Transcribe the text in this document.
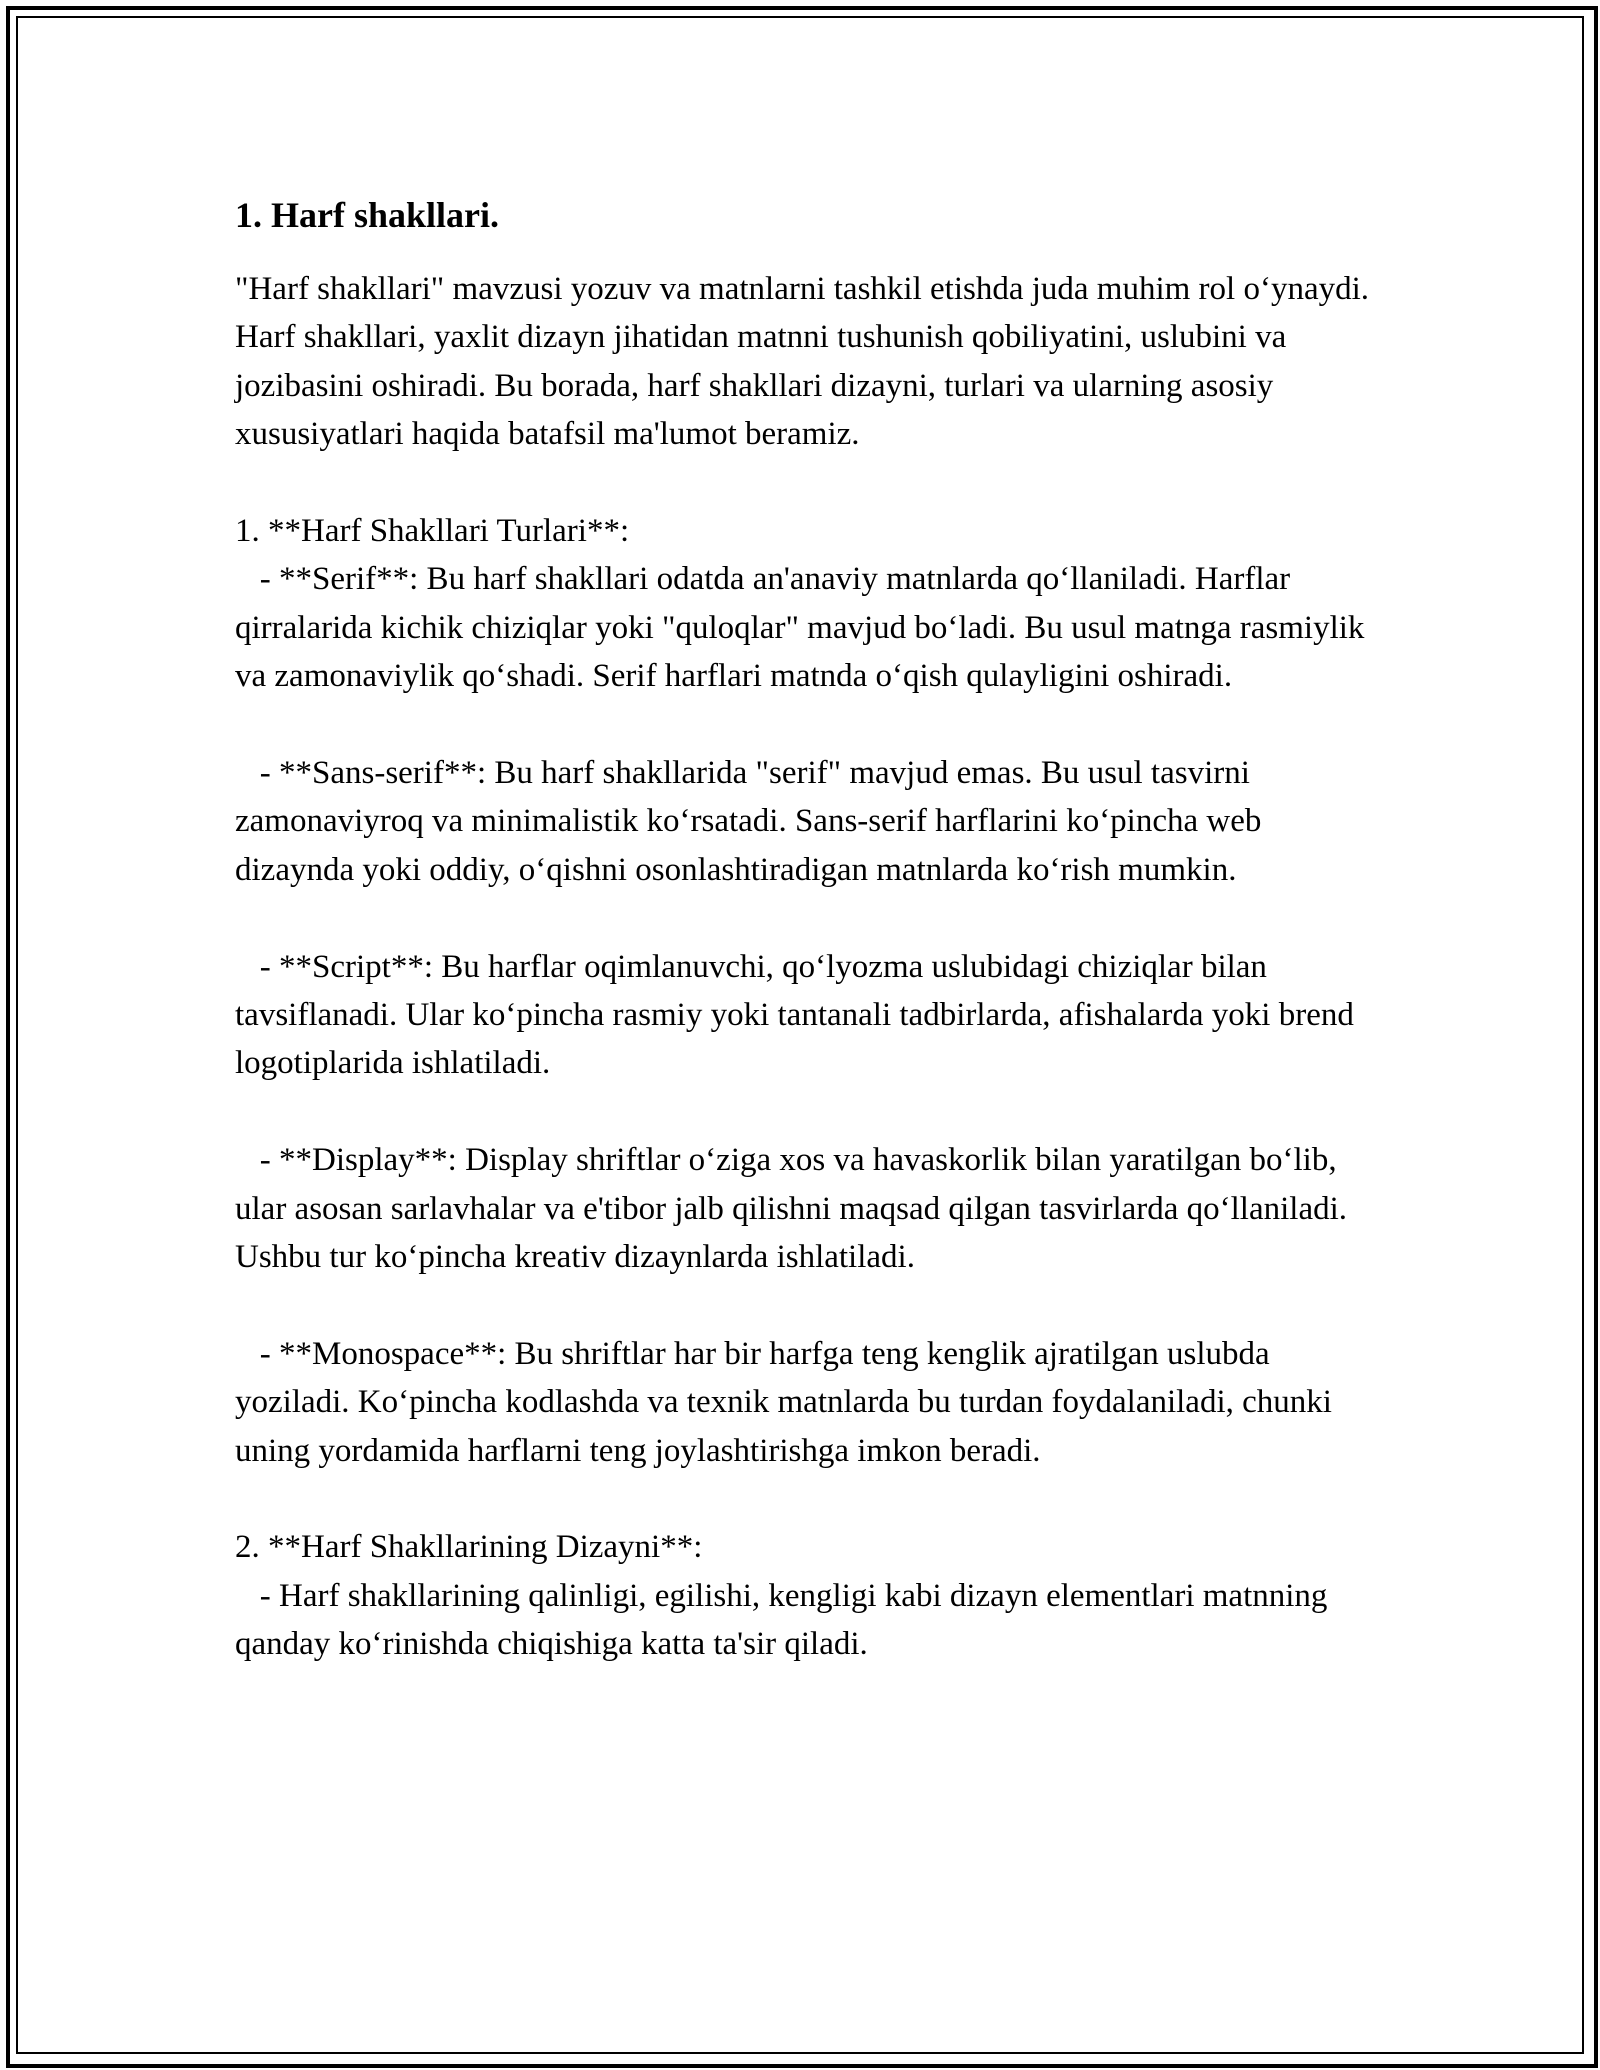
1. Harf shakllari.

"Harf shakllari" mavzusi yozuv va matnlarni tashkil etishda juda muhim rol o‘ynaydi. Harf shakllari, yaxlit dizayn jihatidan matnni tushunish qobiliyatini, uslubini va jozibasini oshiradi. Bu borada, harf shakllari dizayni, turlari va ularning asosiy xususiyatlari haqida batafsil ma'lumot beramiz.

1. **Harf Shakllari Turlari**:

- **Serif**: Bu harf shakllari odatda an'anaviy matnlarda qo‘llaniladi. Harflar qirralarida kichik chiziqlar yoki "quloqlar" mavjud bo‘ladi. Bu usul matnga rasmiylik va zamonaviylik qo‘shadi. Serif harflari matnda o‘qish qulayligini oshiradi.

- **Sans-serif**: Bu harf shakllarida "serif" mavjud emas. Bu usul tasvirni zamonaviyroq va minimalistik ko‘rsatadi. Sans-serif harflarini ko‘pincha web dizaynda yoki oddiy, o‘qishni osonlashtiradigan matnlarda ko‘rish mumkin.

- **Script**: Bu harflar oqimlanuvchi, qo‘lyozma uslubidagi chiziqlar bilan tavsiflanadi. Ular ko‘pincha rasmiy yoki tantanali tadbirlarda, afishalarda yoki brend logotiplarida ishlatiladi.

- **Display**: Display shriftlar o‘ziga xos va havaskorlik bilan yaratilgan bo‘lib, ular asosan sarlavhalar va e'tibor jalb qilishni maqsad qilgan tasvirlarda qo‘llaniladi. Ushbu tur ko‘pincha kreativ dizaynlarda ishlatiladi.

- **Monospace**: Bu shriftlar har bir harfga teng kenglik ajratilgan uslubda yoziladi. Ko‘pincha kodlashda va texnik matnlarda bu turdan foydalaniladi, chunki uning yordamida harflarni teng joylashtirishga imkon beradi.

2. **Harf Shakllarining Dizayni**:

- Harf shakllarining qalinligi, egilishi, kengligi kabi dizayn elementlari matnning qanday ko‘rinishda chiqishiga katta ta'sir qiladi.
